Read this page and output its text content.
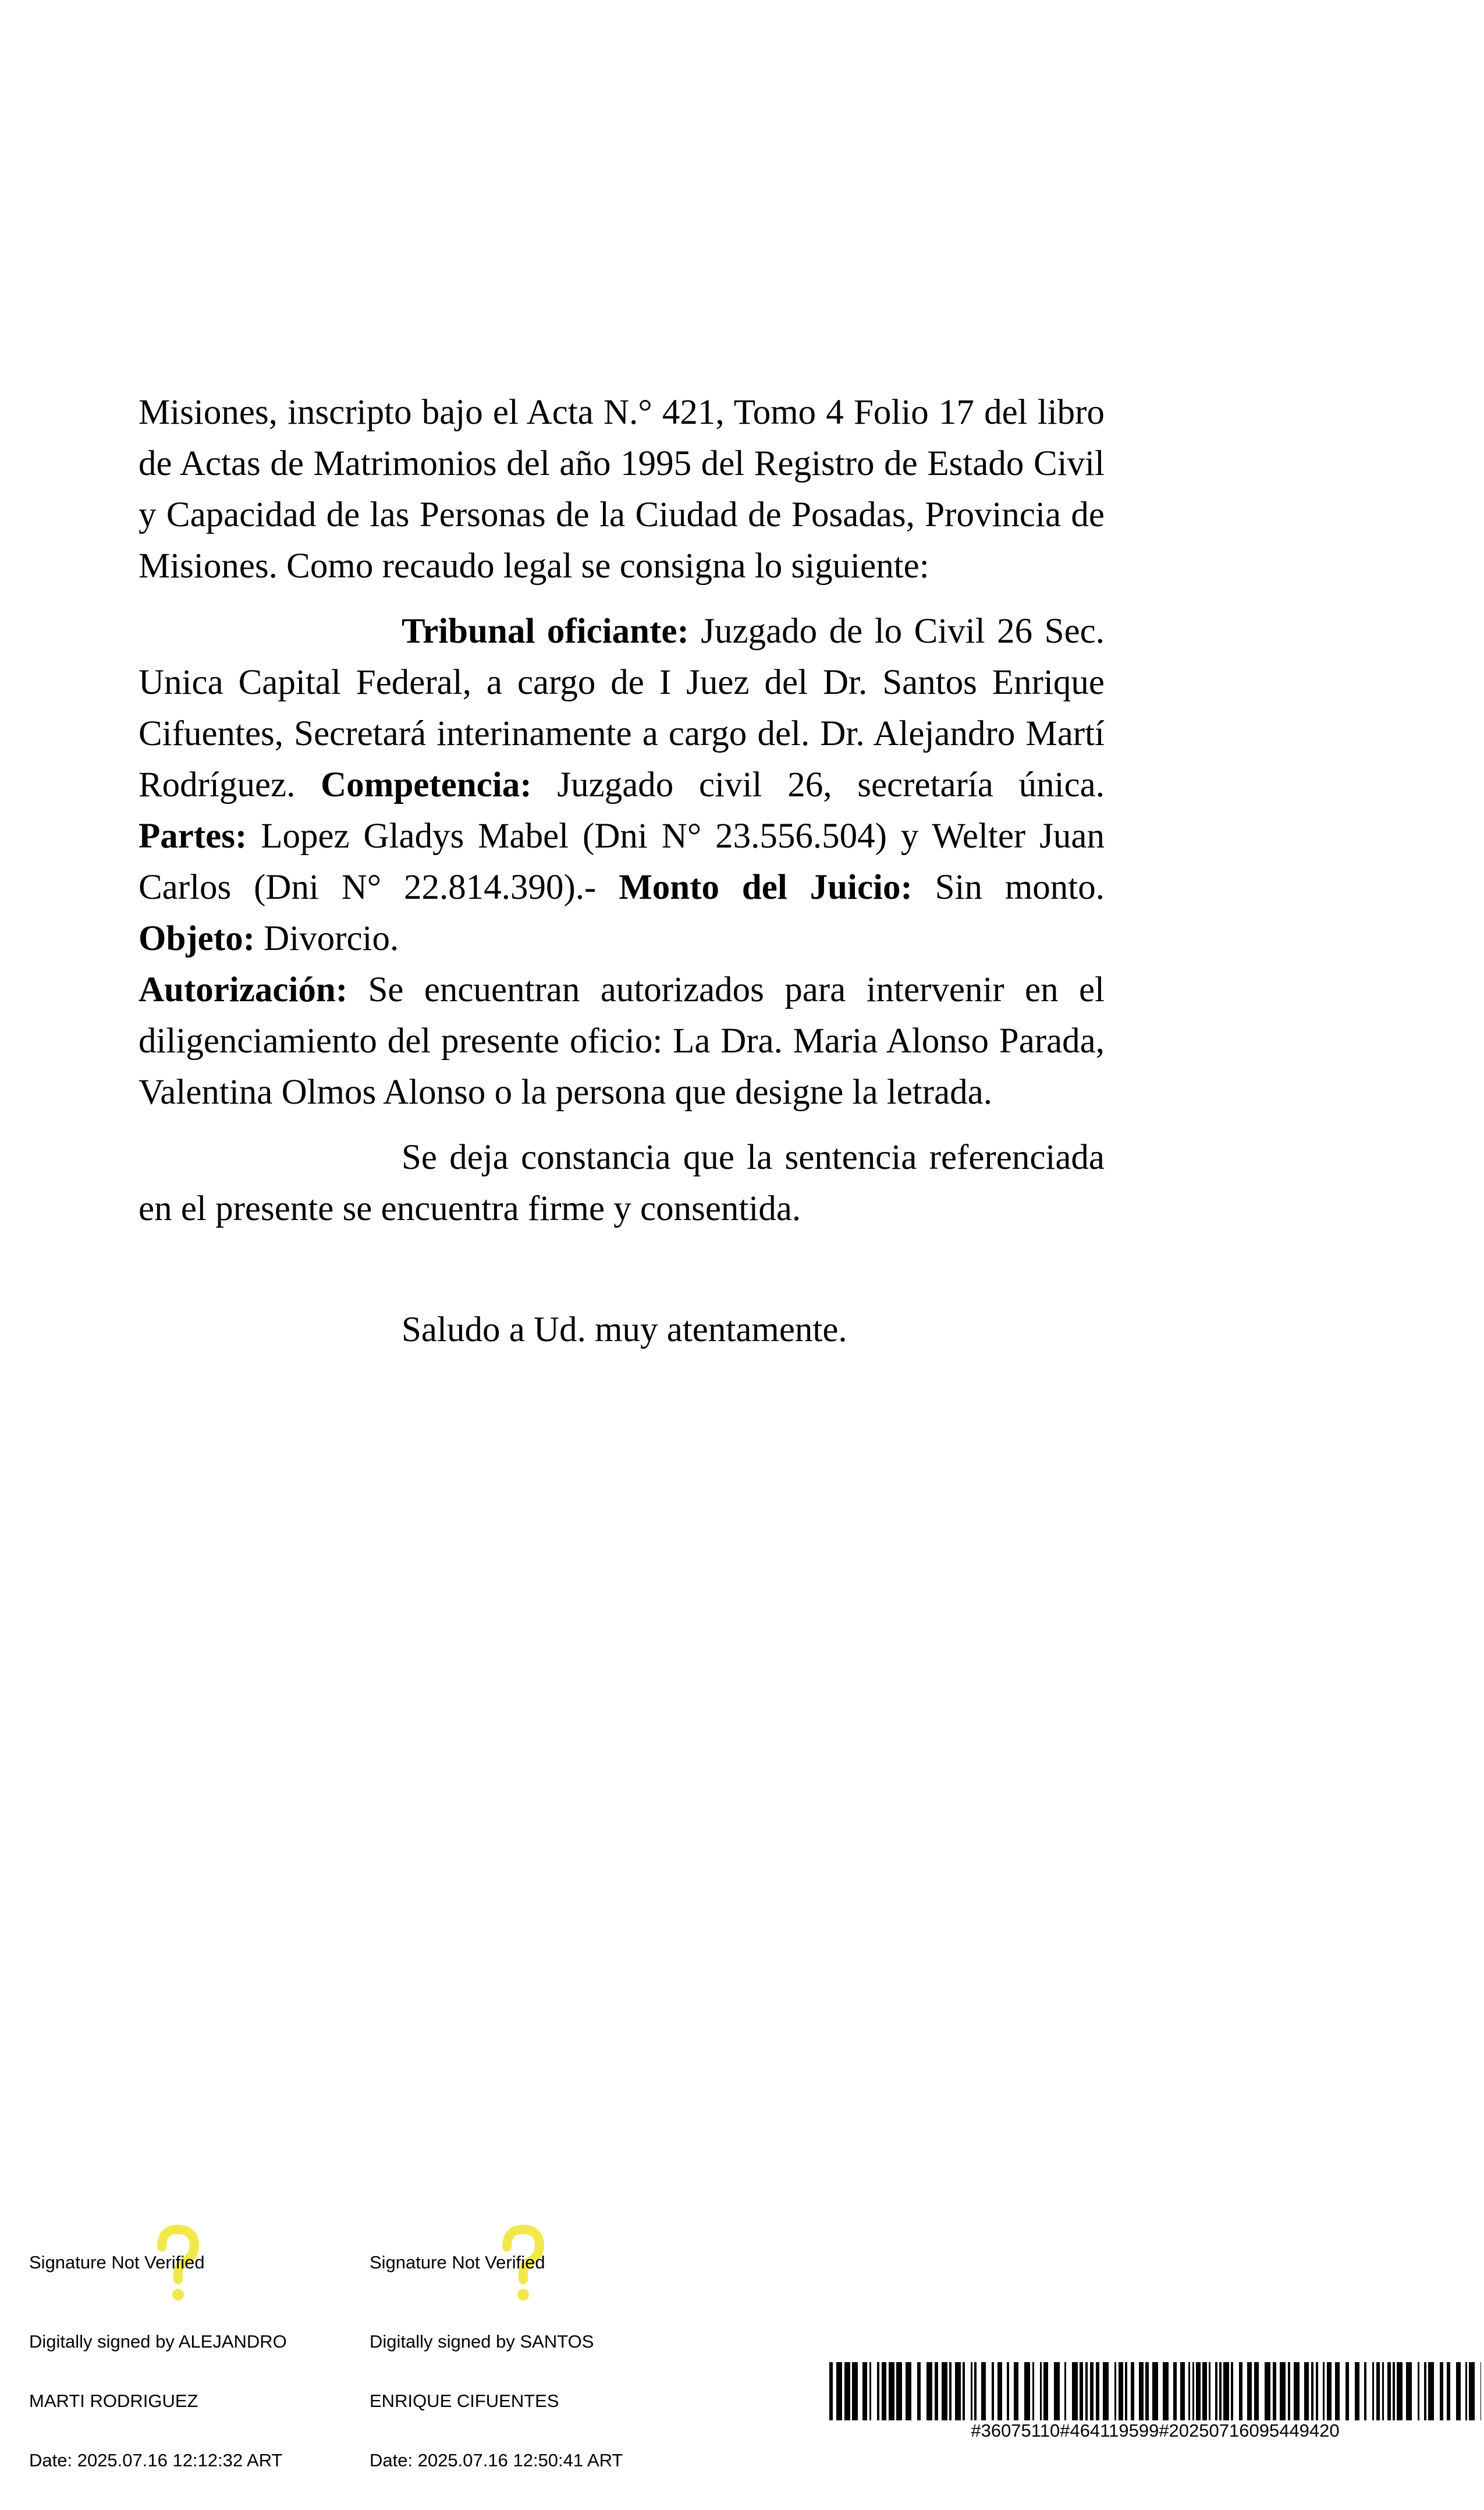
Misiones, inscripto bajo el Acta N.° 421, Tomo 4 Folio 17 del libro de Actas de Matrimonios del año 1995 del Registro de Estado Civil y Capacidad de las Personas de la Ciudad de Posadas, Provincia de Misiones. Como recaudo legal se consigna lo siguiente:

Tribunal oficiante: Juzgado de lo Civil 26 Sec. Unica Capital Federal, a cargo de I Juez del Dr. Santos Enrique Cifuentes, Secretará interinamente a cargo del. Dr. Alejandro Martí Rodríguez. Competencia: Juzgado civil 26, secretaría única. Partes: Lopez Gladys Mabel (Dni N° 23.556.504) y Welter Juan Carlos (Dni N° 22.814.390).- Monto del Juicio: Sin monto. Objeto: Divorcio.

Autorización: Se encuentran autorizados para intervenir en el diligenciamiento del presente oficio: La Dra. Maria Alonso Parada, Valentina Olmos Alonso o la persona que designe la letrada.

Se deja constancia que la sentencia referenciada en el presente se encuentra firme y consentida.

Saludo a Ud. muy atentamente.

Signature Not Verified

Digitally signed by ALEJANDRO

MARTI RODRIGUEZ

Date: 2025.07.16 12:12:32 ART

Signature Not Verified

Digitally signed by SANTOS

ENRIQUE CIFUENTES

Date: 2025.07.16 12:50:41 ART

#36075110#464119599#20250716095449420
